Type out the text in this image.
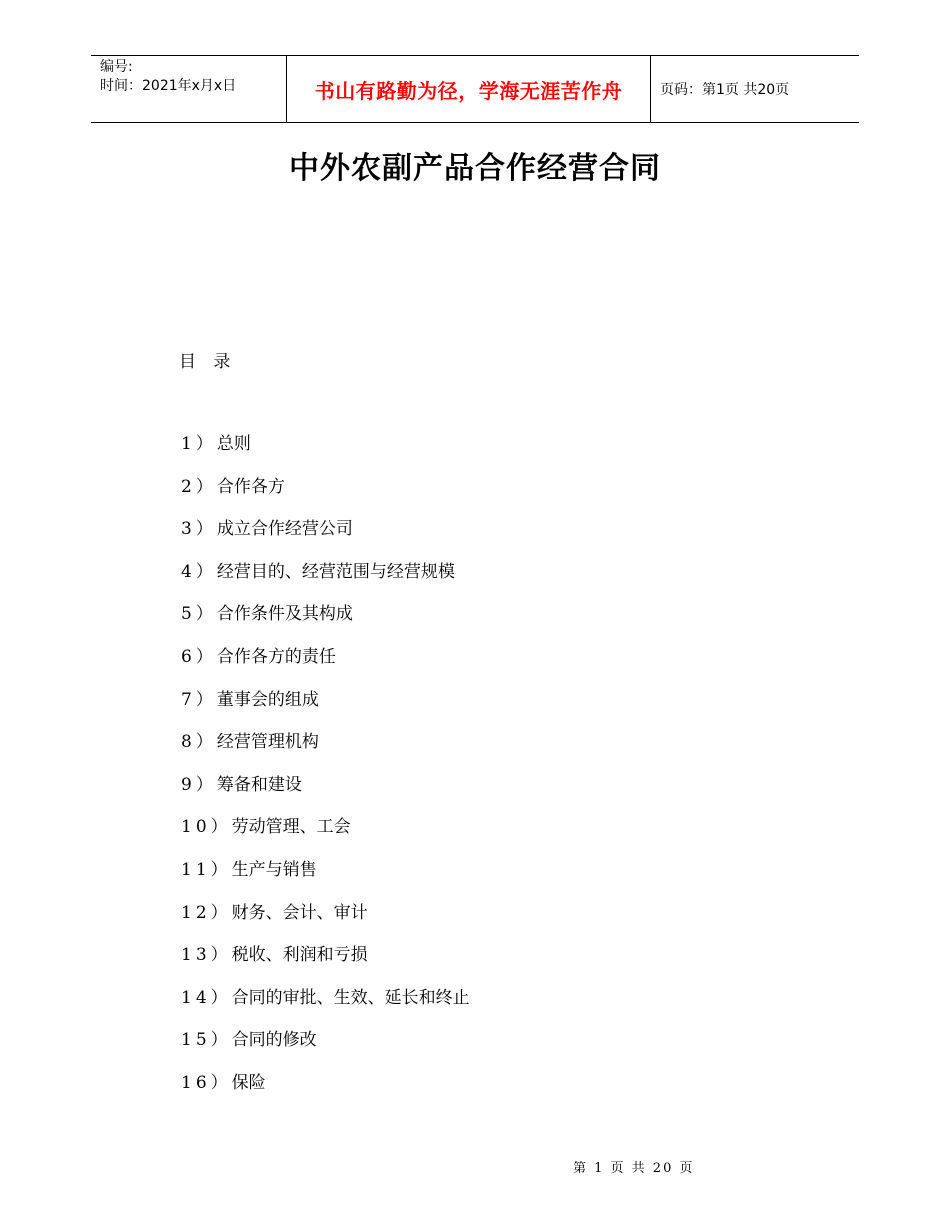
编号:
时间：2021年x月x日	书山有路勤为径，学海无涯苦作舟	页码：第1页 共20页
中外农副产品合作经营合同
目 录
1）总则
2）合作各方
3）成立合作经营公司
4）经营目的、经营范围与经营规模
5）合作条件及其构成
6）合作各方的责任
7）董事会的组成
8）经营管理机构
9）筹备和建设
10）劳动管理、工会
11）生产与销售
12）财务、会计、审计
13）税收、利润和亏损
14）合同的审批、生效、延长和终止
15）合同的修改
16）保险
第 1 页 共 20 页
